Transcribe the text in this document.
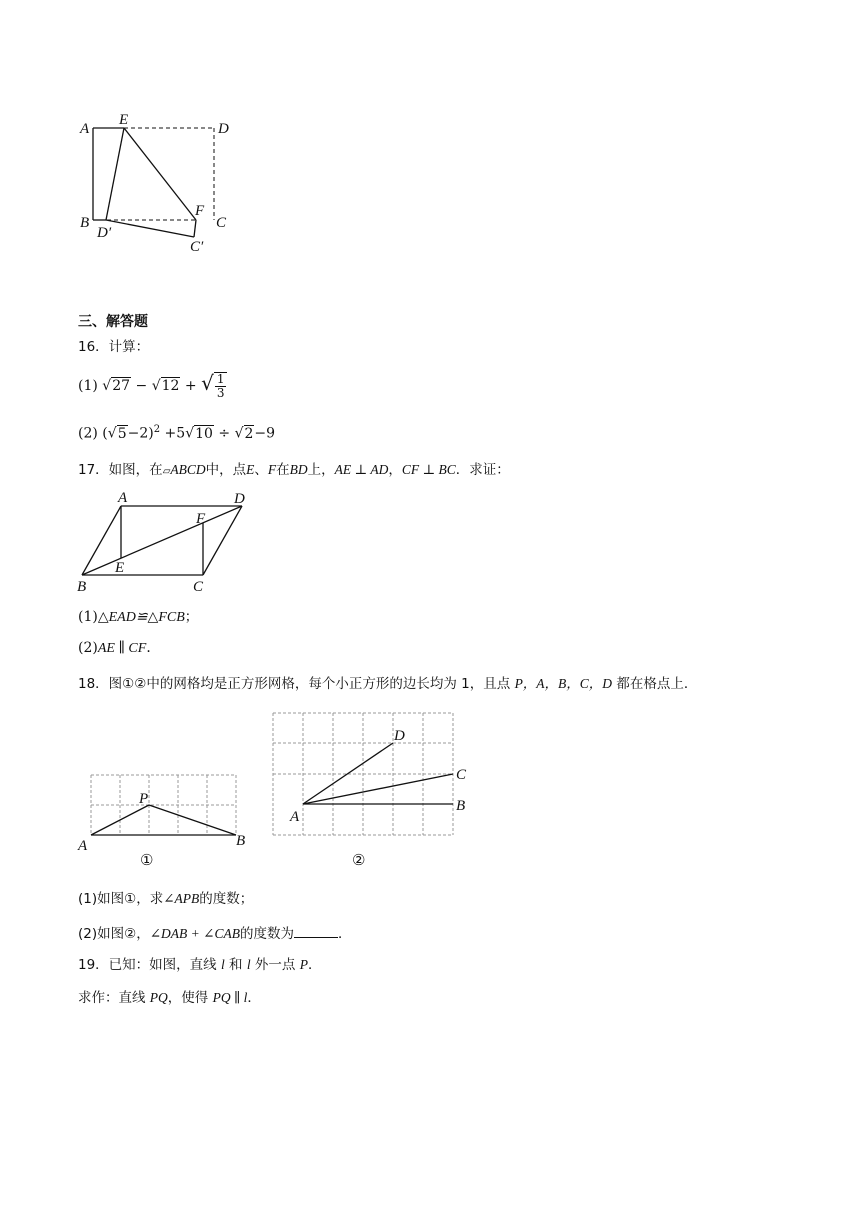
A
E
D
B
D′
F
C
C′
三、解答题
16．计算：
(1) √27 − √12 + √ $\frac{1}{3}$
(2) $(√5-2)^2 +5√10 \div √2-9$
17．如图，在▱ABCD中，点E、F在BD上，AE ⊥ AD，CF ⊥ BC．求证：
A	D
F
B
E
C
(1)△EAD≌△FCB；
(2)AE ∥ CF．
18．图①②中的网格均是正方形网格，每个小正方形的边长均为 1，且点 P，A，B，C，D 都在格点上．
P
A	B
①
D
C
B
A
②
(1)如图①，求∠APB的度数；
(2)如图②，∠DAB + ∠CAB的度数为	．
19．已知：如图，直线 l 和 l 外一点 P．
求作：直线 PQ，使得 PQ ∥ l．
